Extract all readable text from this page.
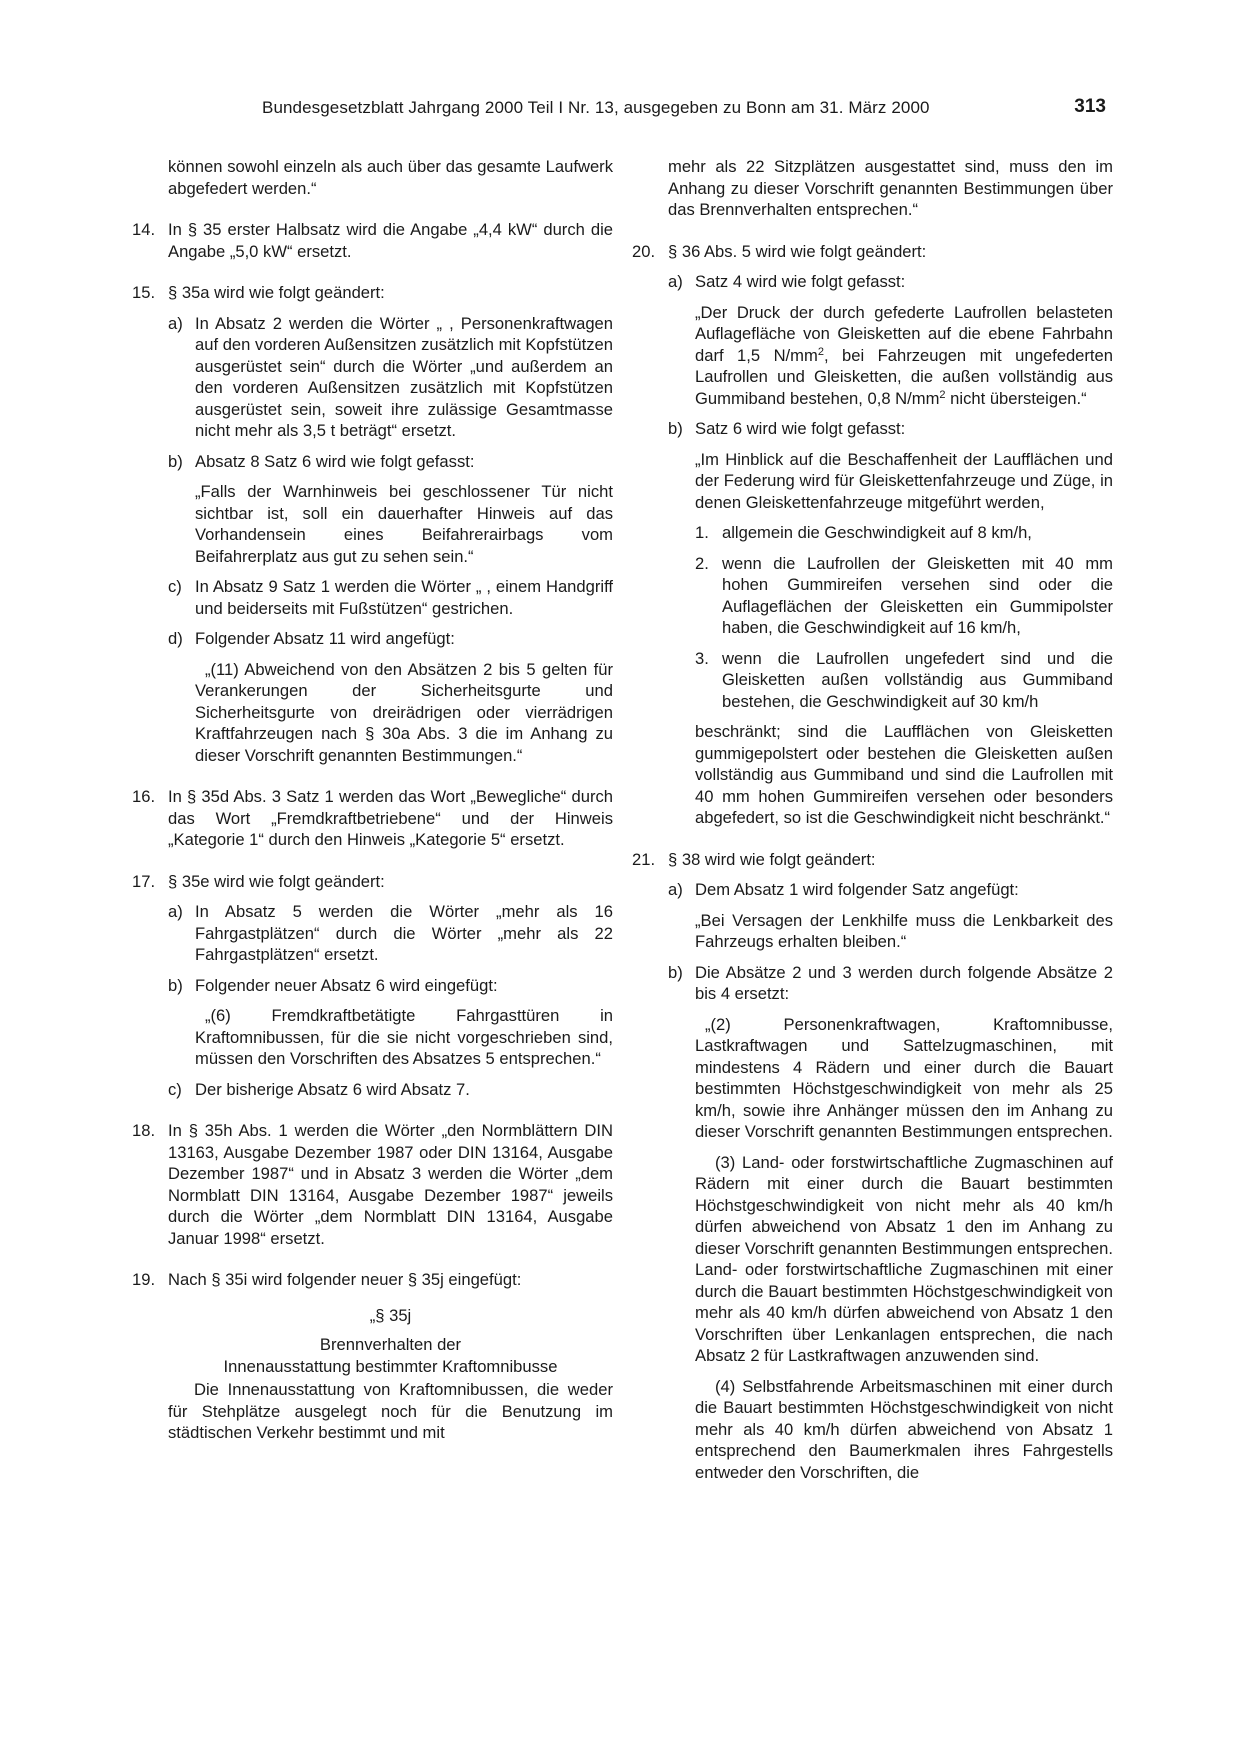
Bundesgesetzblatt Jahrgang 2000 Teil I Nr. 13, ausgegeben zu Bonn am 31. März 2000	313

können sowohl einzeln als auch über das gesamte Laufwerk abgefedert werden.“

14. In § 35 erster Halbsatz wird die Angabe „4,4 kW“ durch die Angabe „5,0 kW“ ersetzt.

15. § 35a wird wie folgt geändert:

a) In Absatz 2 werden die Wörter „ , Personenkraftwagen auf den vorderen Außensitzen zusätzlich mit Kopfstützen ausgerüstet sein“ durch die Wörter „und außerdem an den vorderen Außensitzen zusätzlich mit Kopfstützen ausgerüstet sein, soweit ihre zulässige Gesamtmasse nicht mehr als 3,5 t beträgt“ ersetzt.

b) Absatz 8 Satz 6 wird wie folgt gefasst:

„Falls der Warnhinweis bei geschlossener Tür nicht sichtbar ist, soll ein dauerhafter Hinweis auf das Vorhandensein eines Beifahrerairbags vom Beifahrerplatz aus gut zu sehen sein.“

c) In Absatz 9 Satz 1 werden die Wörter „ , einem Handgriff und beiderseits mit Fußstützen“ gestrichen.

d) Folgender Absatz 11 wird angefügt:

„(11) Abweichend von den Absätzen 2 bis 5 gelten für Verankerungen der Sicherheitsgurte und Sicherheitsgurte von dreirädrigen oder vierrädrigen Kraftfahrzeugen nach § 30a Abs. 3 die im Anhang zu dieser Vorschrift genannten Bestimmungen.“

16. In § 35d Abs. 3 Satz 1 werden das Wort „Bewegliche“ durch das Wort „Fremdkraftbetriebene“ und der Hinweis „Kategorie 1“ durch den Hinweis „Kategorie 5“ ersetzt.

17. § 35e wird wie folgt geändert:

a) In Absatz 5 werden die Wörter „mehr als 16 Fahrgastplätzen“ durch die Wörter „mehr als 22 Fahrgastplätzen“ ersetzt.

b) Folgender neuer Absatz 6 wird eingefügt:

„(6) Fremdkraftbetätigte Fahrgasttüren in Kraftomnibussen, für die sie nicht vorgeschrieben sind, müssen den Vorschriften des Absatzes 5 entsprechen.“

c) Der bisherige Absatz 6 wird Absatz 7.

18. In § 35h Abs. 1 werden die Wörter „den Normblättern DIN 13163, Ausgabe Dezember 1987 oder DIN 13164, Ausgabe Dezember 1987“ und in Absatz 3 werden die Wörter „dem Normblatt DIN 13164, Ausgabe Dezember 1987“ jeweils durch die Wörter „dem Normblatt DIN 13164, Ausgabe Januar 1998“ ersetzt.

19. Nach § 35i wird folgender neuer § 35j eingefügt:

„§ 35j

Brennverhalten der

Innenausstattung bestimmter Kraftomnibusse

Die Innenausstattung von Kraftomnibussen, die weder für Stehplätze ausgelegt noch für die Benutzung im städtischen Verkehr bestimmt und mit

mehr als 22 Sitzplätzen ausgestattet sind, muss den im Anhang zu dieser Vorschrift genannten Bestimmungen über das Brennverhalten entsprechen.“

20. § 36 Abs. 5 wird wie folgt geändert:

a) Satz 4 wird wie folgt gefasst:

„Der Druck der durch gefederte Laufrollen belasteten Auflagefläche von Gleisketten auf die ebene Fahrbahn darf 1,5 $N/mm^2$, bei Fahrzeugen mit ungefederten Laufrollen und Gleisketten, die außen vollständig aus Gummiband bestehen, 0,8 $N/mm^2$ nicht übersteigen.“

b) Satz 6 wird wie folgt gefasst:

„Im Hinblick auf die Beschaffenheit der Laufflächen und der Federung wird für Gleiskettenfahrzeuge und Züge, in denen Gleiskettenfahrzeuge mitgeführt werden,

1. allgemein die Geschwindigkeit auf 8 km/h,

2. wenn die Laufrollen der Gleisketten mit 40 mm hohen Gummireifen versehen sind oder die Auflageflächen der Gleisketten ein Gummipolster haben, die Geschwindigkeit auf 16 km/h,

3. wenn die Laufrollen ungefedert sind und die Gleisketten außen vollständig aus Gummiband bestehen, die Geschwindigkeit auf 30 km/h

beschränkt; sind die Laufflächen von Gleisketten gummigepolstert oder bestehen die Gleisketten außen vollständig aus Gummiband und sind die Laufrollen mit 40 mm hohen Gummireifen versehen oder besonders abgefedert, so ist die Geschwindigkeit nicht beschränkt.“

21. § 38 wird wie folgt geändert:

a) Dem Absatz 1 wird folgender Satz angefügt:

„Bei Versagen der Lenkhilfe muss die Lenkbarkeit des Fahrzeugs erhalten bleiben.“

b) Die Absätze 2 und 3 werden durch folgende Absätze 2 bis 4 ersetzt:

„(2) Personenkraftwagen, Kraftomnibusse, Lastkraftwagen und Sattelzugmaschinen, mit mindestens 4 Rädern und einer durch die Bauart bestimmten Höchstgeschwindigkeit von mehr als 25 km/h, sowie ihre Anhänger müssen den im Anhang zu dieser Vorschrift genannten Bestimmungen entsprechen.

(3) Land- oder forstwirtschaftliche Zugmaschinen auf Rädern mit einer durch die Bauart bestimmten Höchstgeschwindigkeit von nicht mehr als 40 km/h dürfen abweichend von Absatz 1 den im Anhang zu dieser Vorschrift genannten Bestimmungen entsprechen. Land- oder forstwirtschaftliche Zugmaschinen mit einer durch die Bauart bestimmten Höchstgeschwindigkeit von mehr als 40 km/h dürfen abweichend von Absatz 1 den Vorschriften über Lenkanlagen entsprechen, die nach Absatz 2 für Lastkraftwagen anzuwenden sind.

(4) Selbstfahrende Arbeitsmaschinen mit einer durch die Bauart bestimmten Höchstgeschwindigkeit von nicht mehr als 40 km/h dürfen abweichend von Absatz 1 entsprechend den Baumerkmalen ihres Fahrgestells entweder den Vorschriften, die
